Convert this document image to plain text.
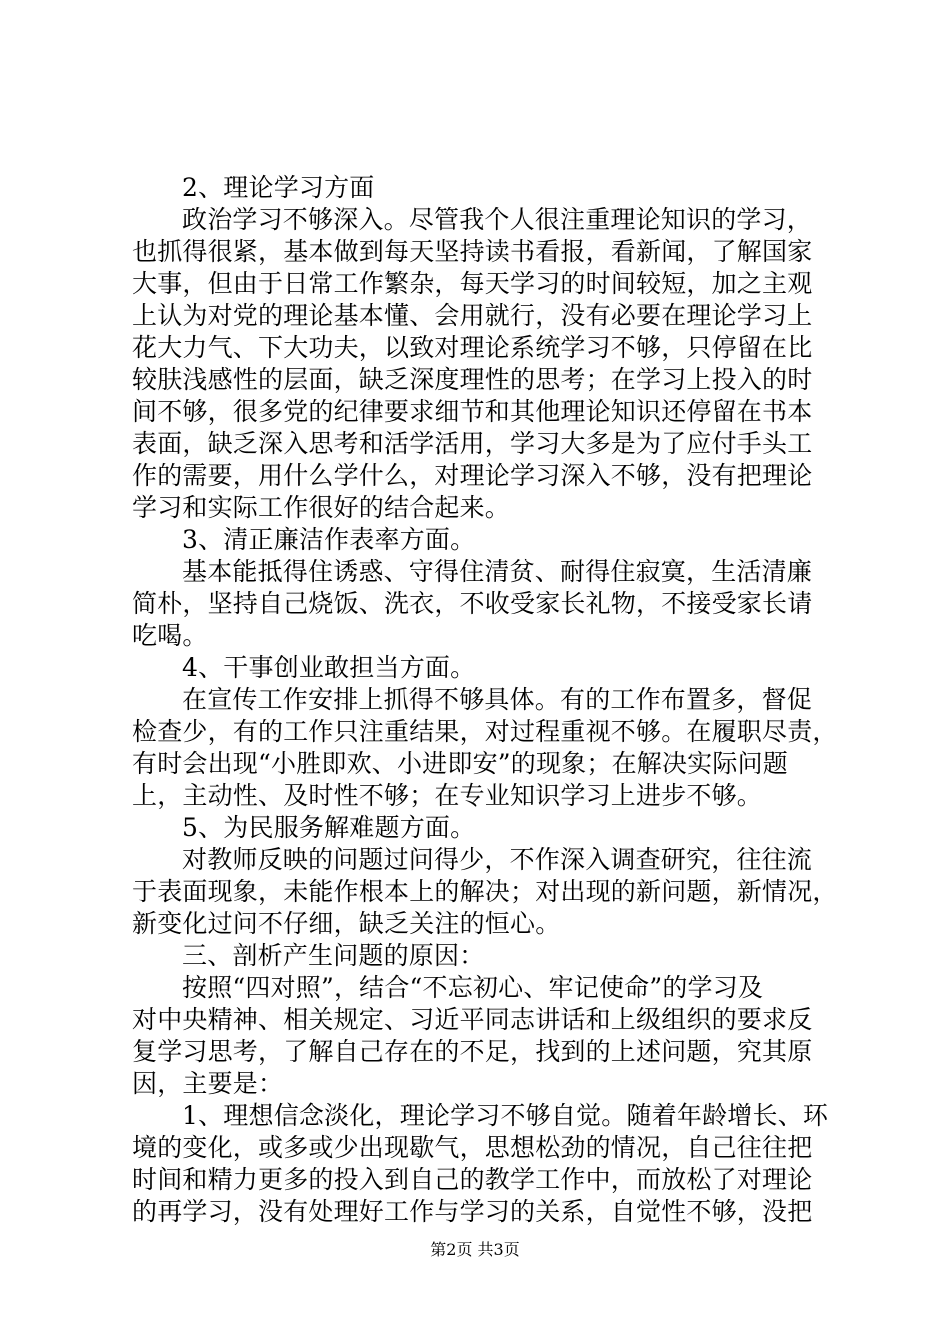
2、理论学习方面
政治学习不够深入。尽管我个人很注重理论知识的学习，
也抓得很紧，基本做到每天坚持读书看报，看新闻，了解国家
大事，但由于日常工作繁杂，每天学习的时间较短，加之主观
上认为对党的理论基本懂、会用就行，没有必要在理论学习上
花大力气、下大功夫，以致对理论系统学习不够，只停留在比
较肤浅感性的层面，缺乏深度理性的思考；在学习上投入的时
间不够，很多党的纪律要求细节和其他理论知识还停留在书本
表面，缺乏深入思考和活学活用，学习大多是为了应付手头工
作的需要，用什么学什么，对理论学习深入不够，没有把理论
学习和实际工作很好的结合起来。
3、清正廉洁作表率方面。
基本能抵得住诱惑、守得住清贫、耐得住寂寞，生活清廉
简朴，坚持自己烧饭、洗衣，不收受家长礼物，不接受家长请
吃喝。
4、干事创业敢担当方面。
在宣传工作安排上抓得不够具体。有的工作布置多，督促
检查少，有的工作只注重结果，对过程重视不够。在履职尽责，
有时会出现“小胜即欢、小进即安”的现象；在解决实际问题
上，主动性、及时性不够；在专业知识学习上进步不够。
5、为民服务解难题方面。
对教师反映的问题过问得少，不作深入调查研究，往往流
于表面现象，未能作根本上的解决；对出现的新问题，新情况，
新变化过问不仔细，缺乏关注的恒心。
三、剖析产生问题的原因：
按照“四对照”，结合“不忘初心、牢记使命”的学习及
对中央精神、相关规定、习近平同志讲话和上级组织的要求反
复学习思考，了解自己存在的不足，找到的上述问题，究其原
因，主要是：
1、理想信念淡化，理论学习不够自觉。随着年龄增长、环
境的变化，或多或少出现歇气，思想松劲的情况，自己往往把
时间和精力更多的投入到自己的教学工作中，而放松了对理论
的再学习，没有处理好工作与学习的关系，自觉性不够，没把
第2页 共3页
